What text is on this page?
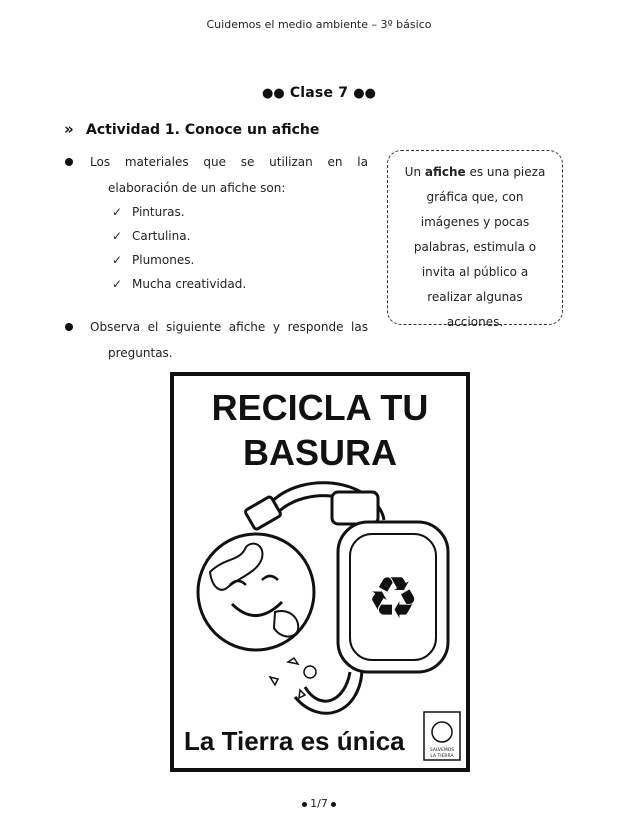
Cuidemos el medio ambiente – 3º básico
●● Clase 7 ●●
» Actividad 1. Conoce un afiche
Los materiales que se utilizan en la
elaboración de un afiche son:
✓ Pinturas.
✓ Cartulina.
✓ Plumones.
✓ Mucha creatividad.
Observa el siguiente afiche y responde las
preguntas.
Un afiche es una pieza
gráfica que, con
imágenes y pocas
palabras, estimula o
invita al público a
realizar algunas
acciones.
RECICLA TU
BASURA
♻
La Tierra es única	SALVEMOS
LA TIERRA
1/7
